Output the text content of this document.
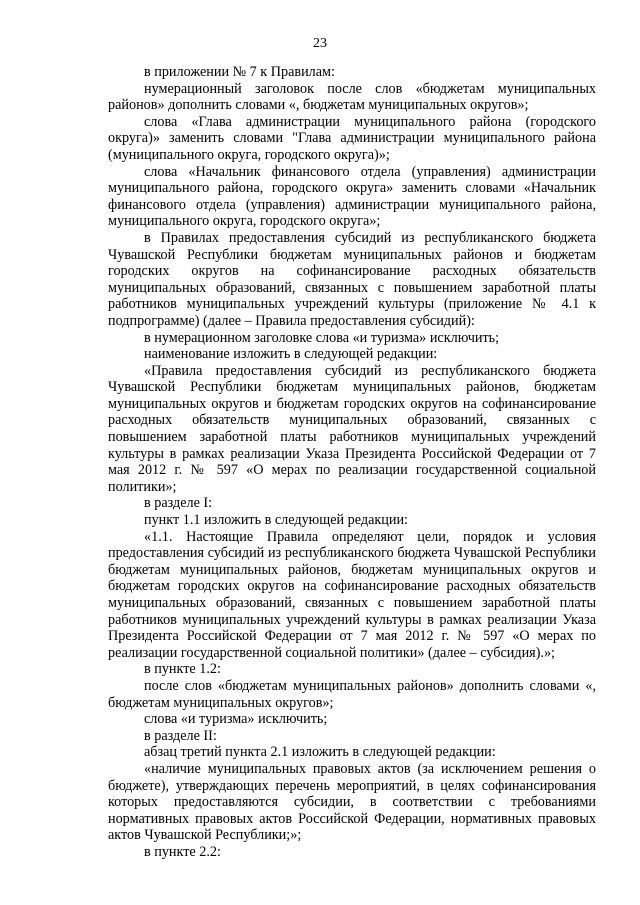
23

в приложении № 7 к Правилам:

нумерационный заголовок после слов «бюджетам муниципальных районов» дополнить словами «, бюджетам муниципальных округов»;

слова «Глава администрации муниципального района (городского округа)» заменить словами "Глава администрации муниципального района (муниципального округа, городского округа)»;

слова «Начальник финансового отдела (управления) администрации муниципального района, городского округа» заменить словами «Начальник финансового отдела (управления) администрации муниципального района, муниципального округа, городского округа»;

в Правилах предоставления субсидий из республиканского бюджета Чувашской Республики бюджетам муниципальных районов и бюджетам городских округов на софинансирование расходных обязательств муниципальных образований, связанных с повышением заработной платы работников муниципальных учреждений культуры (приложение № 4.1 к подпрограмме) (далее – Правила предоставления субсидий):

в нумерационном заголовке слова «и туризма» исключить;

наименование изложить в следующей редакции:

«Правила предоставления субсидий из республиканского бюджета Чувашской Республики бюджетам муниципальных районов, бюджетам муниципальных округов и бюджетам городских округов на софинансирование расходных обязательств муниципальных образований, связанных с повышением заработной платы работников муниципальных учреждений культуры в рамках реализации Указа Президента Российской Федерации от 7 мая 2012 г. № 597 «О мерах по реализации государственной социальной политики»;

в разделе I:

пункт 1.1 изложить в следующей редакции:

«1.1. Настоящие Правила определяют цели, порядок и условия предоставления субсидий из республиканского бюджета Чувашской Республики бюджетам муниципальных районов, бюджетам муниципальных округов и бюджетам городских округов на софинансирование расходных обязательств муниципальных образований, связанных с повышением заработной платы работников муниципальных учреждений культуры в рамках реализации Указа Президента Российской Федерации от 7 мая 2012 г. № 597 «О мерах по реализации государственной социальной политики» (далее – субсидия).»;

в пункте 1.2:

после слов «бюджетам муниципальных районов» дополнить словами «, бюджетам муниципальных округов»;

слова «и туризма» исключить;

в разделе II:

абзац третий пункта 2.1 изложить в следующей редакции:

«наличие муниципальных правовых актов (за исключением решения о бюджете), утверждающих перечень мероприятий, в целях софинансирования которых предоставляются субсидии, в соответствии с требованиями нормативных правовых актов Российской Федерации, нормативных правовых актов Чувашской Республики;»;

в пункте 2.2:
